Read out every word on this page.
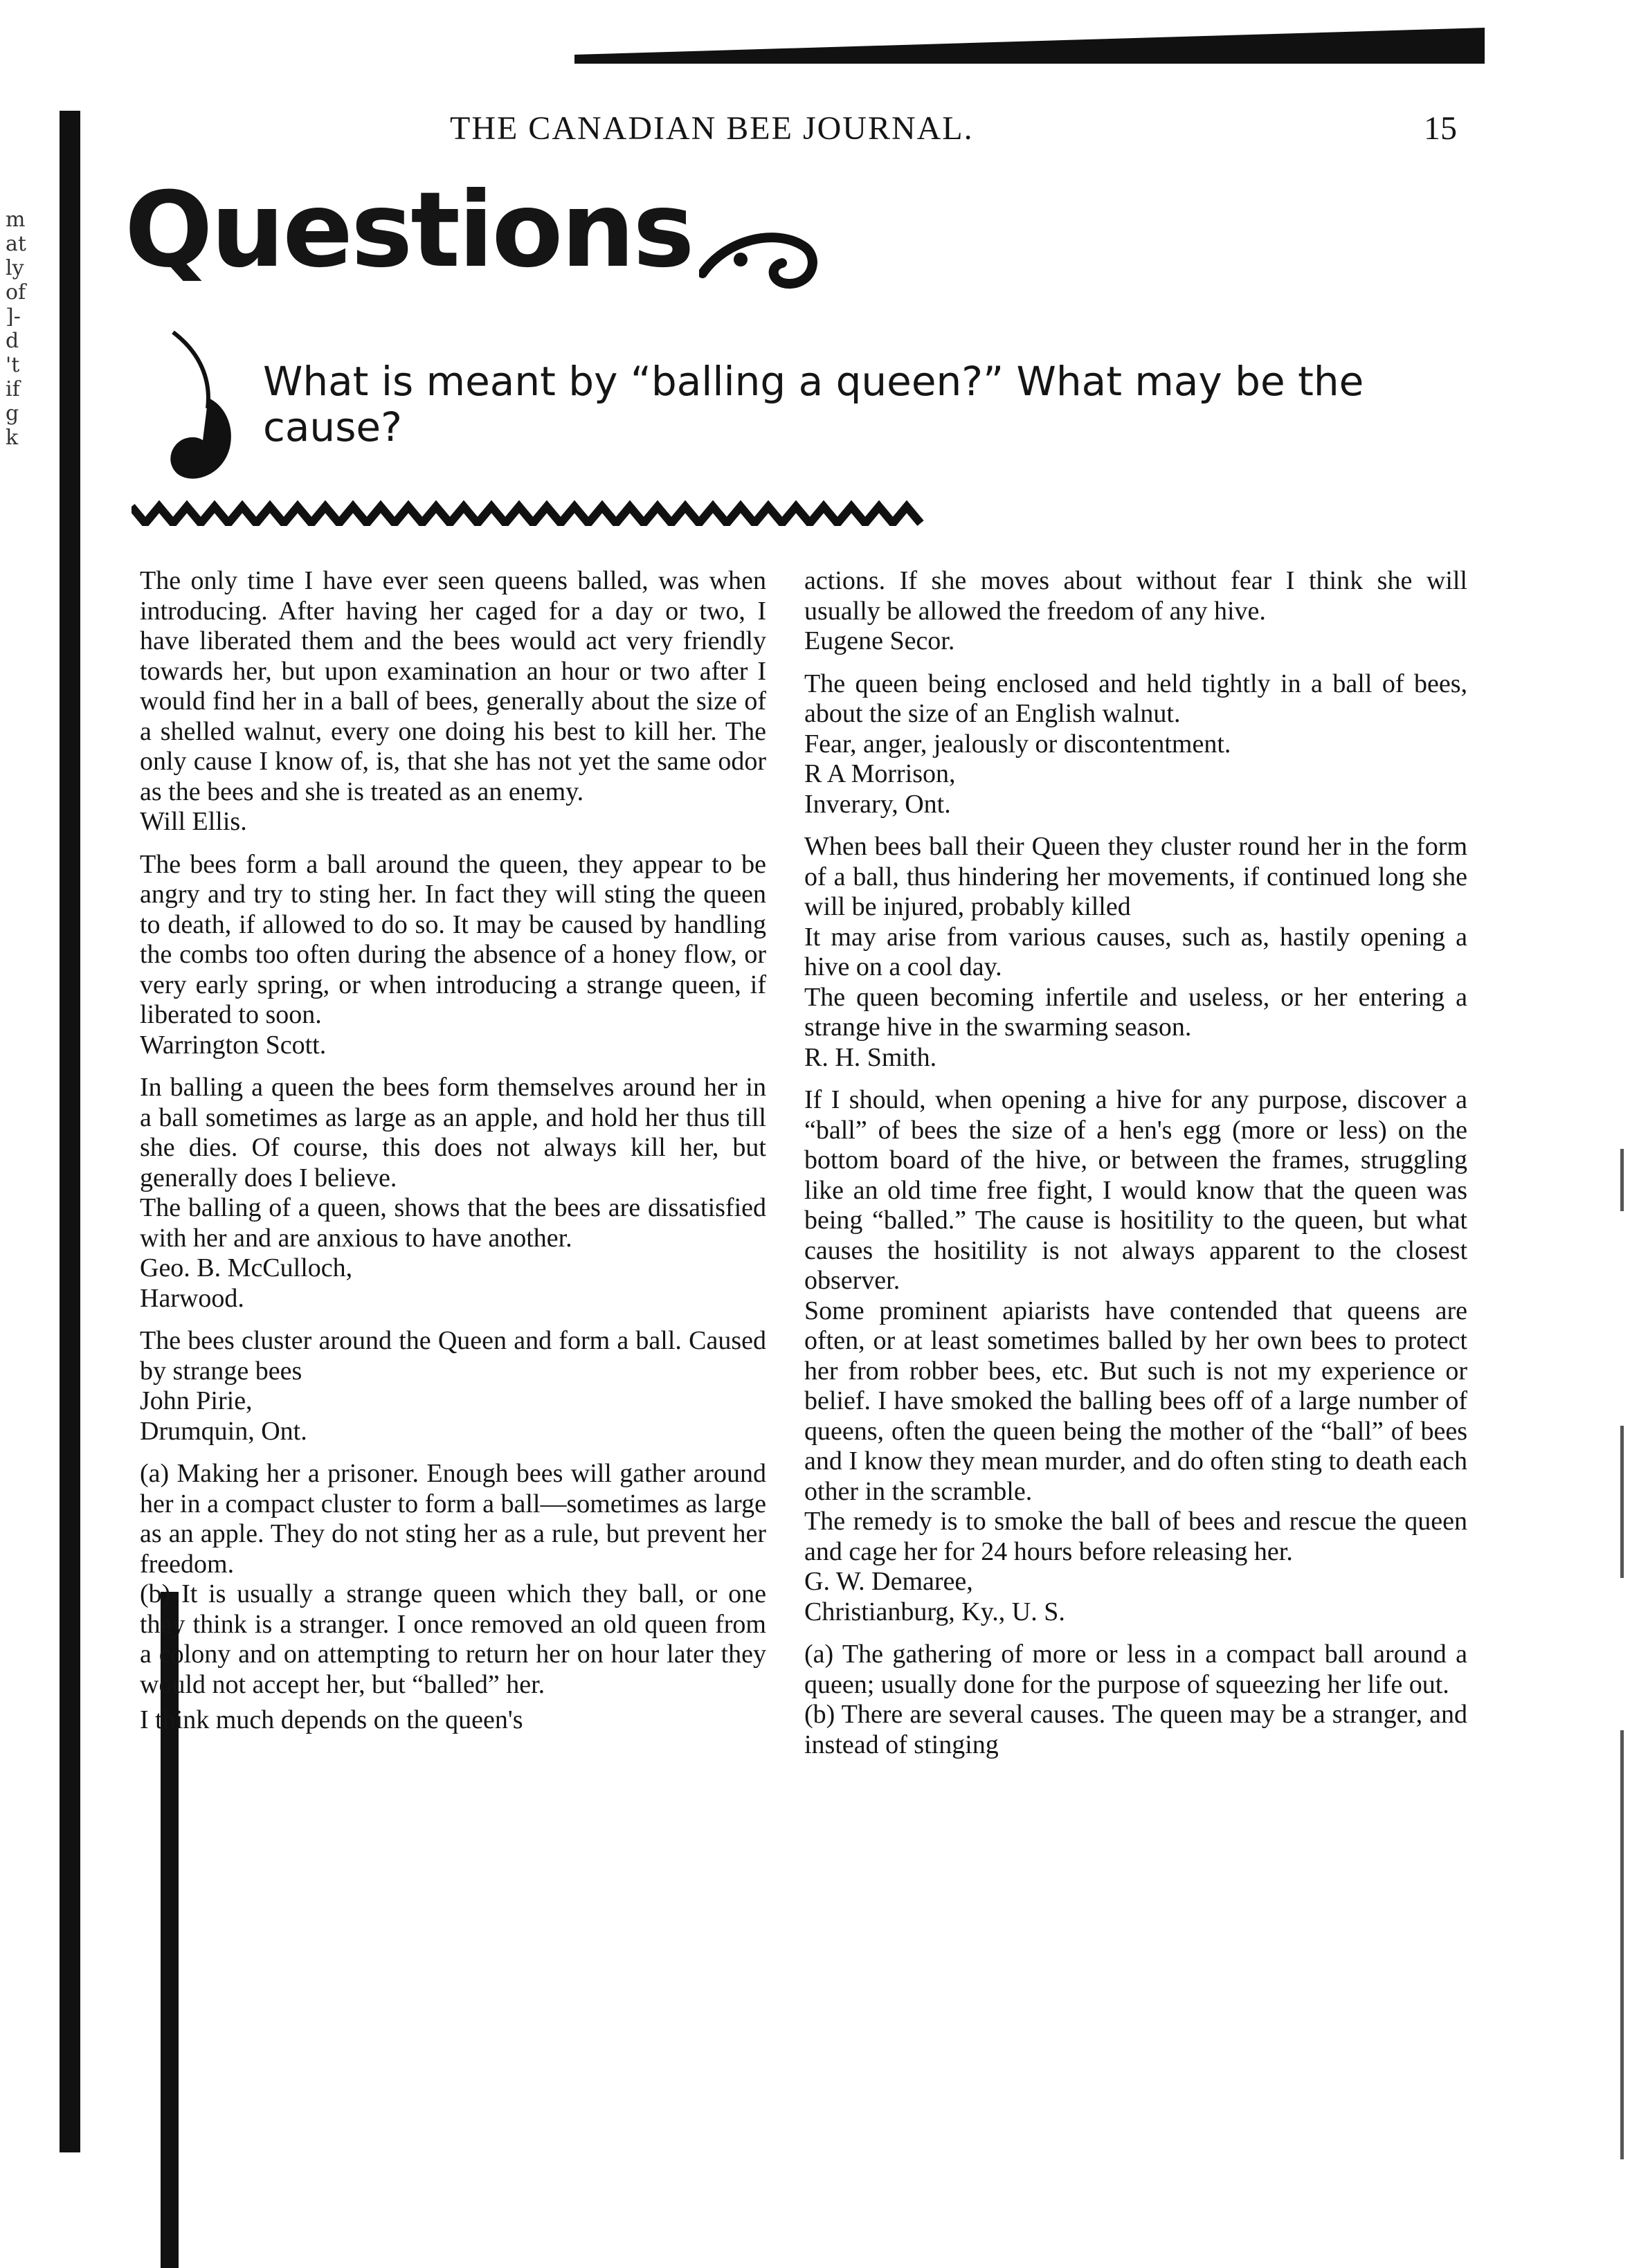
m
at
ly
of
]-
d
't
if
g
k
THE CANADIAN BEE JOURNAL.	15
Questions
What is meant by “balling a queen?” What may be the cause?

The only time I have ever seen queens balled, was when introducing. After having her caged for a day or two, I have liberated them and the bees would act very friendly towards her, but upon examination an hour or two after I would find her in a ball of bees, generally about the size of a shelled walnut, every one doing his best to kill her. The only cause I know of, is, that she has not yet the same odor as the bees and she is treated as an enemy.

Will Ellis.

The bees form a ball around the queen, they appear to be angry and try to sting her. In fact they will sting the queen to death, if allowed to do so. It may be caused by handling the combs too often during the absence of a honey flow, or very early spring, or when introducing a strange queen, if liberated to soon.

Warrington Scott.

In balling a queen the bees form themselves around her in a ball sometimes as large as an apple, and hold her thus till she dies. Of course, this does not always kill her, but generally does I believe.

The balling of a queen, shows that the bees are dissatisfied with her and are anxious to have another.

Geo. B. McCulloch,

Harwood.

The bees cluster around the Queen and form a ball. Caused by strange bees

John Pirie,

Drumquin, Ont.

(a) Making her a prisoner. Enough bees will gather around her in a compact cluster to form a ball—sometimes as large as an apple. They do not sting her as a rule, but prevent her freedom.

(b) It is usually a strange queen which they ball, or one they think is a stranger. I once removed an old queen from a colony and on attempting to return her on hour later they would not accept her, but “balled” her.

I think much depends on the queen's

actions. If she moves about without fear I think she will usually be allowed the freedom of any hive.

Eugene Secor.

The queen being enclosed and held tightly in a ball of bees, about the size of an English walnut.

Fear, anger, jealously or discontentment.

R A Morrison,

Inverary, Ont.

When bees ball their Queen they cluster round her in the form of a ball, thus hindering her movements, if continued long she will be injured, probably killed

It may arise from various causes, such as, hastily opening a hive on a cool day.

The queen becoming infertile and useless, or her entering a strange hive in the swarming season.

R. H. Smith.

If I should, when opening a hive for any purpose, discover a “ball” of bees the size of a hen's egg (more or less) on the bottom board of the hive, or between the frames, struggling like an old time free fight, I would know that the queen was being “balled.” The cause is hositility to the queen, but what causes the hositility is not always apparent to the closest observer.

Some prominent apiarists have contended that queens are often, or at least sometimes balled by her own bees to protect her from robber bees, etc. But such is not my experience or belief. I have smoked the balling bees off of a large number of queens, often the queen being the mother of the “ball” of bees and I know they mean murder, and do often sting to death each other in the scramble.

The remedy is to smoke the ball of bees and rescue the queen and cage her for 24 hours before releasing her.

G. W. Demaree,

Christianburg, Ky., U. S.

(a) The gathering of more or less in a compact ball around a queen; usually done for the purpose of squeezing her life out.

(b) There are several causes. The queen may be a stranger, and instead of stinging
